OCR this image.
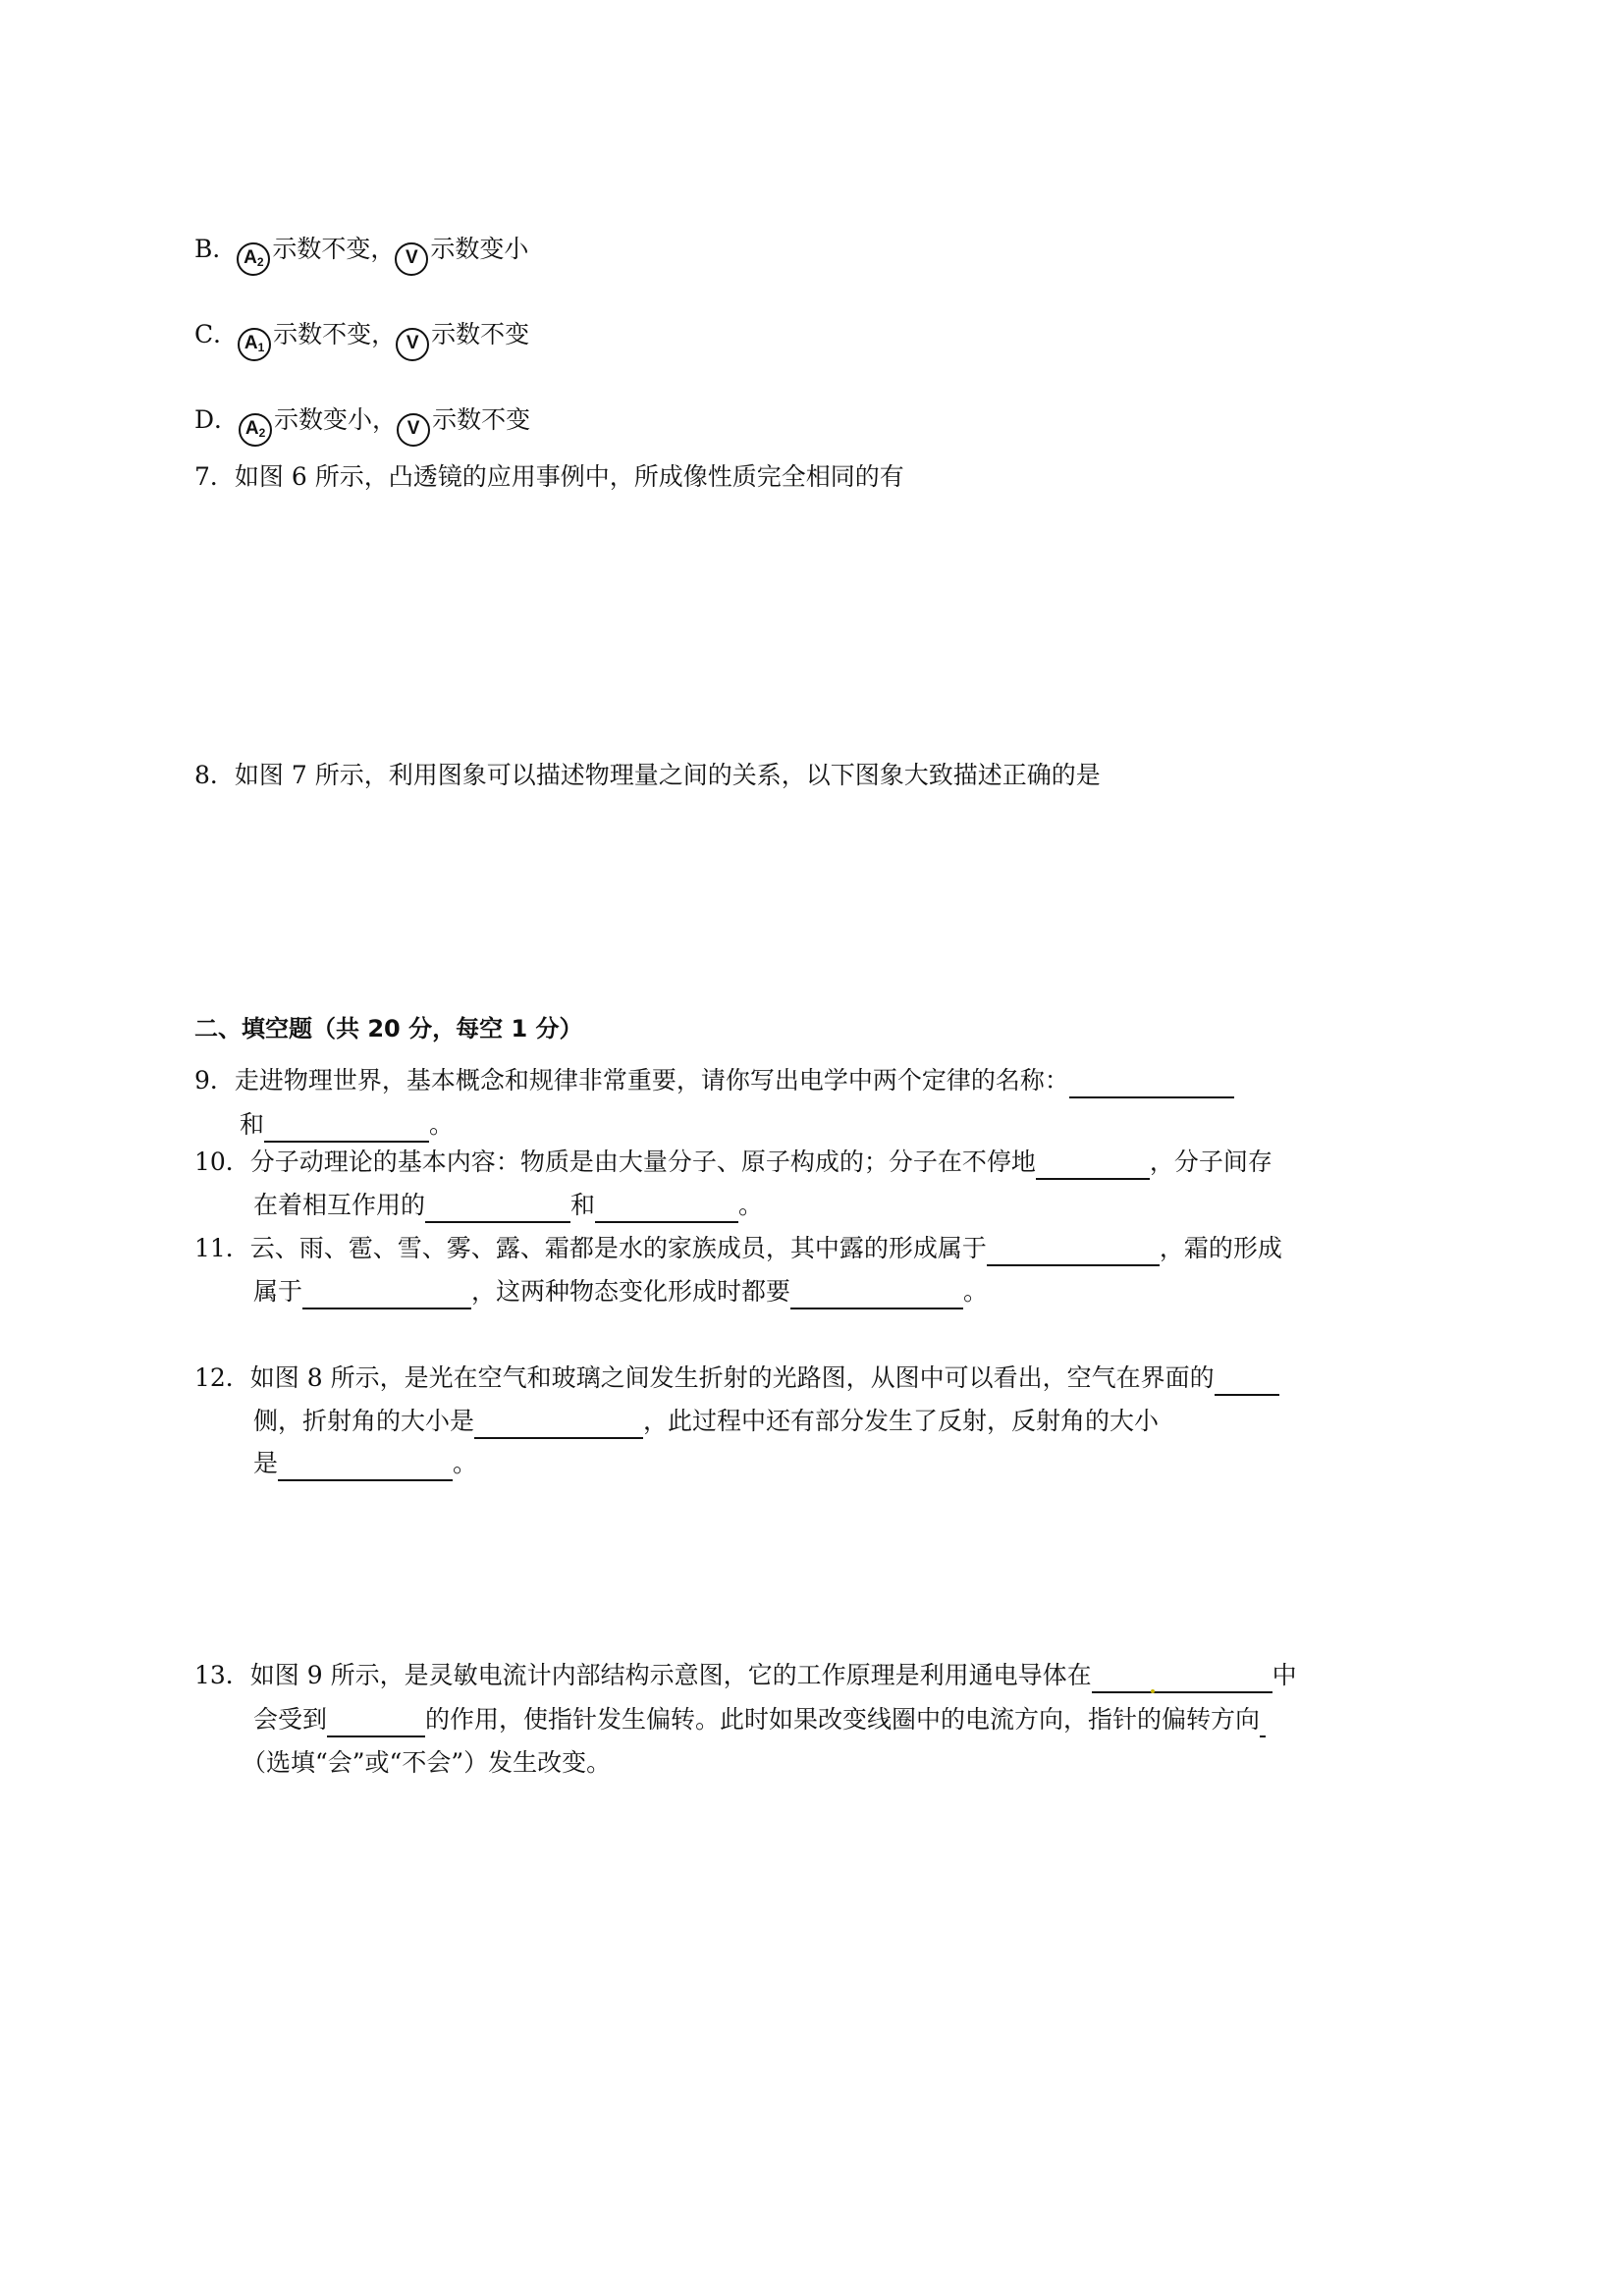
B． $A_2$ 示数不变， V 示数变小
C． $A_1$ 示数不变， V 示数不变
D． $A_2$ 示数变小， V 示数不变
7．如图 6 所示，凸透镜的应用事例中，所成像性质完全相同的有
8．如图 7 所示，利用图象可以描述物理量之间的关系，以下图象大致描述正确的是
二、填空题（共 20 分，每空 1 分）
9．走进物理世界，基本概念和规律非常重要，请你写出电学中两个定律的名称：
和	。
10．分子动理论的基本内容：物质是由大量分子、原子构成的；分子在不停地	，分子间存
在着相互作用的	和	。
11．云、雨、雹、雪、雾、露、霜都是水的家族成员，其中露的形成属于	，霜的形成
属于	，这两种物态变化形成时都要	。
12．如图 8 所示，是光在空气和玻璃之间发生折射的光路图，从图中可以看出，空气在界面的
侧，折射角的大小是	，此过程中还有部分发生了反射，反射角的大小
是	。
13．如图 9 所示，是灵敏电流计内部结构示意图，它的工作原理是利用通电导体在	中
会受到	的作用，使指针发生偏转。此时如果改变线圈中的电流方向，指针的偏转方向
（选填“会”或“不会”）发生改变。
